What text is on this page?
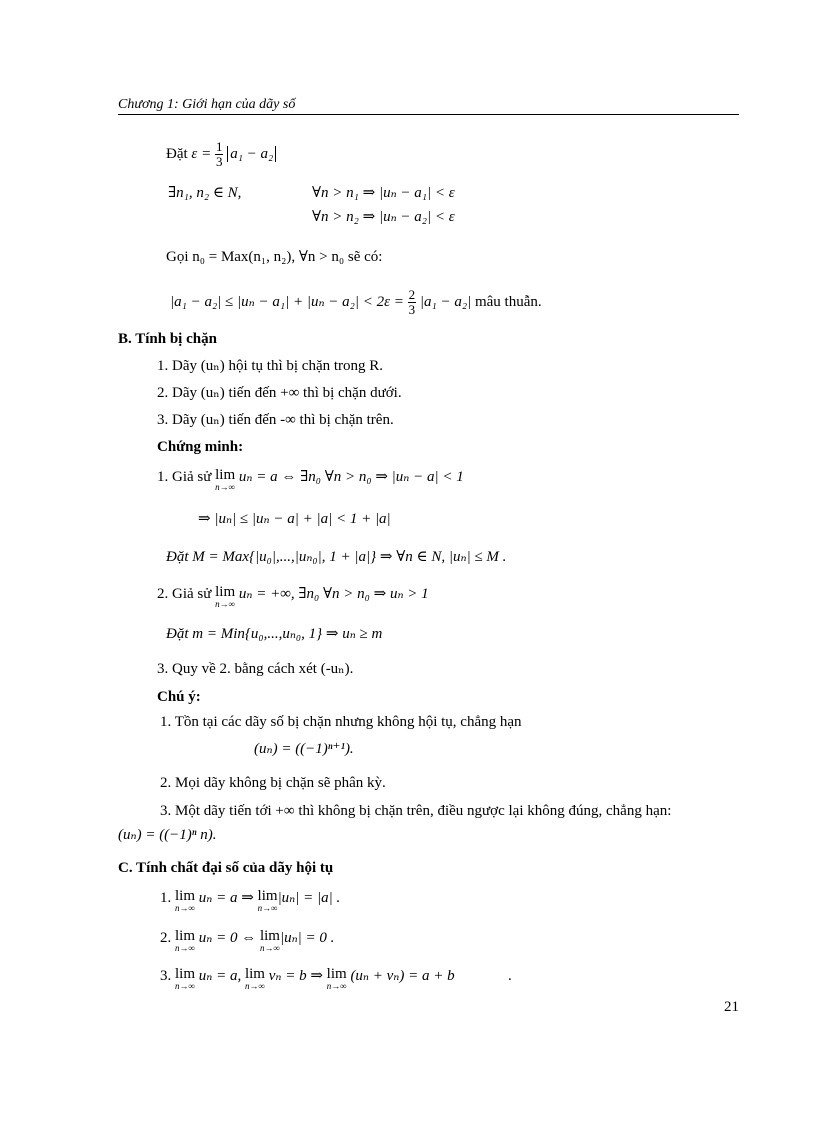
Chương 1: Giới hạn của dãy số
Đặt $\varepsilon = \frac{1}{3} a_1 - a_2$
∃n₁, n₂ ∈ N,	∀n > n₁ ⇒ |uₙ − a₁| < ε
∀n > n₂ ⇒ |uₙ − a₂| < ε
Gọi n₀ = Max(n₁, n₂), ∀n > n₀ sẽ có:
$|a_1 - a_2| \le |u_n - a_1| + |u_n - a_2| < 2\varepsilon = \frac{2}{3} |a_1 - a_2|$ mâu thuẫn.
B. Tính bị chặn
1. Dãy (uₙ) hội tụ thì bị chặn trong R.
2. Dãy (uₙ) tiến đến +∞ thì bị chặn dưới.
3. Dãy (uₙ) tiến đến -∞ thì bị chặn trên.
Chứng minh:
1. Giả sử lim
n→∞
uₙ = a ⇔ ∃n₀ ∀n > n₀ ⇒ |uₙ − a| < 1
⇒ |uₙ| ≤ |uₙ − a| + |a| < 1 + |a|
Đặt M = Max{|u₀|,...,|uₙ₀|, 1 + |a|} ⇒ ∀n ∈ N, |uₙ| ≤ M .
2. Giả sử lim
n→∞
uₙ = +∞, ∃n₀ ∀n > n₀ ⇒ uₙ > 1
Đặt m = Min{u₀,...,uₙ₀, 1} ⇒ uₙ ≥ m
3. Quy về 2. bằng cách xét (-uₙ).
Chú ý:
1. Tồn tại các dãy số bị chặn nhưng không hội tụ, chẳng hạn
(uₙ) = ((−1)ⁿ⁺¹).
2. Mọi dãy không bị chặn sẽ phân kỳ.
3. Một dãy tiến tới +∞ thì không bị chặn trên, điều ngược lại không đúng, chẳng hạn:
(uₙ) = ((−1)ⁿ n).
C. Tính chất đại số của dãy hội tụ
1. lim
n→∞
uₙ = a ⇒ lim
n→∞
|uₙ| = |a| .
2. lim
n→∞
uₙ = 0 ⇔ lim
n→∞
|uₙ| = 0 .
3. lim
n→∞
uₙ = a, lim
n→∞
vₙ = b ⇒ lim
n→∞
(uₙ + vₙ) = a + b	.
21
